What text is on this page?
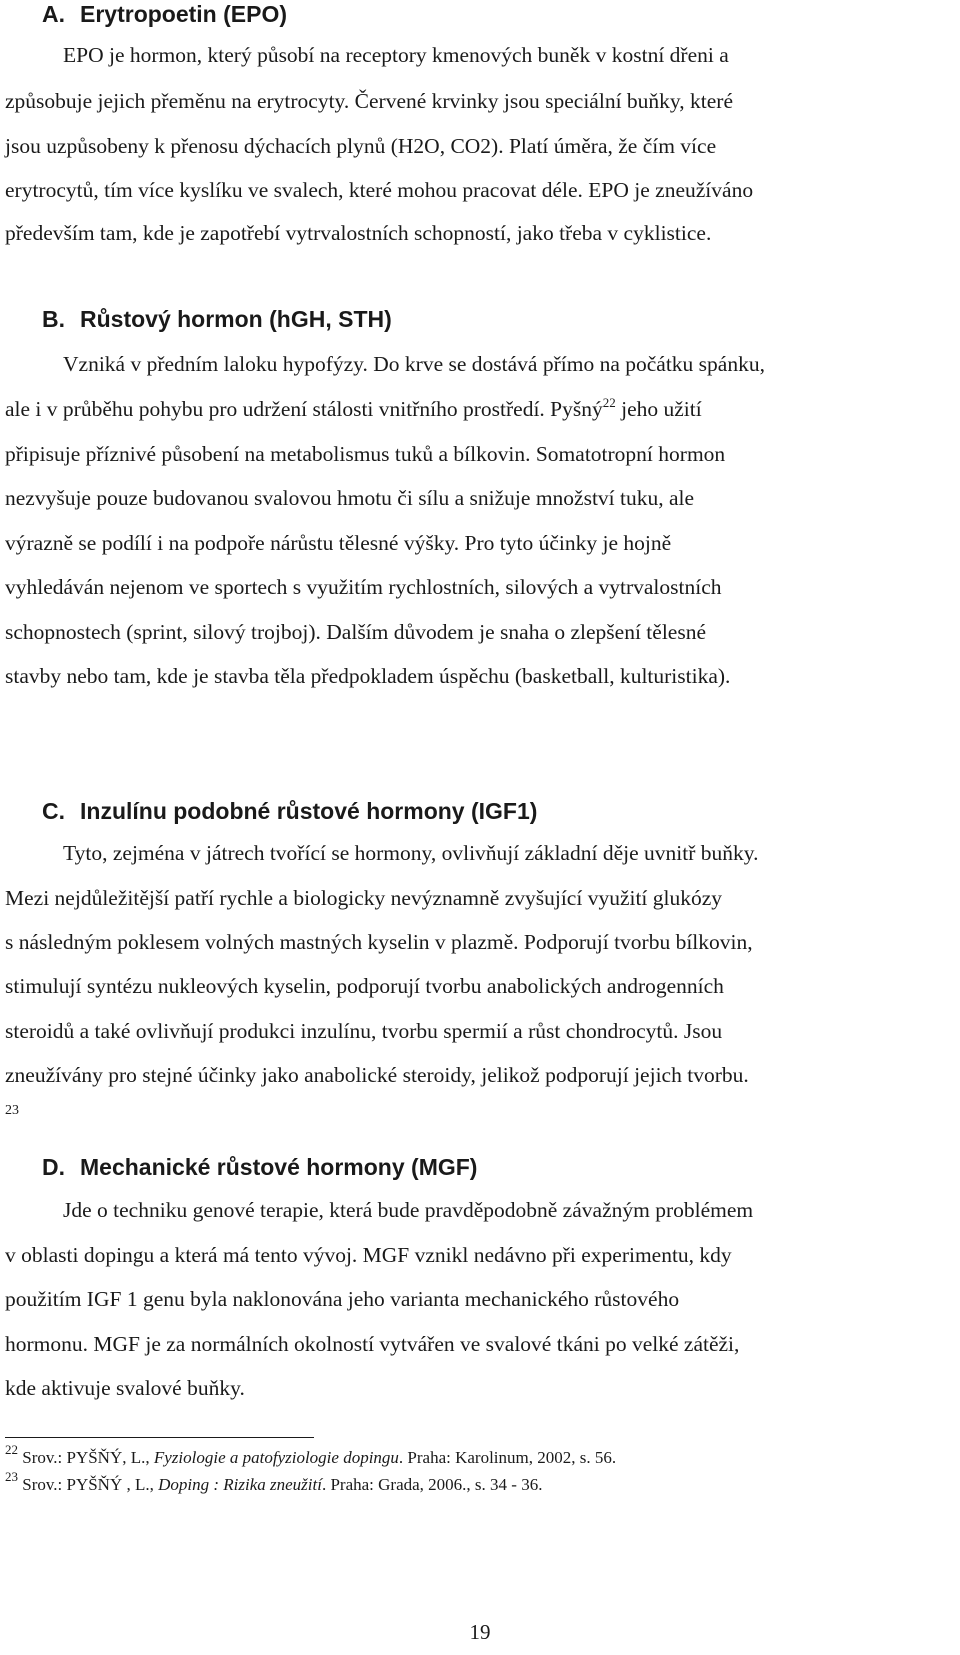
A. Erytropoetin (EPO)

EPO je hormon, který působí na receptory kmenových buněk v kostní dřeni a

způsobuje jejich přeměnu na erytrocyty. Červené krvinky jsou speciální buňky, které

jsou uzpůsobeny k přenosu dýchacích plynů (H2O, CO2). Platí úměra, že čím více

erytrocytů, tím více kyslíku ve svalech, které mohou pracovat déle. EPO je zneužíváno

především tam, kde je zapotřebí vytrvalostních schopností, jako třeba v cyklistice.

B. Růstový hormon (hGH, STH)

Vzniká v předním laloku hypofýzy. Do krve se dostává přímo na počátku spánku,

ale i v průběhu pohybu pro udržení stálosti vnitřního prostředí. Pyšný$^{22}$ jeho užití

připisuje příznivé působení na metabolismus tuků a bílkovin. Somatotropní hormon

nezvyšuje pouze budovanou svalovou hmotu či sílu a snižuje množství tuku, ale

výrazně se podílí i na podpoře nárůstu tělesné výšky. Pro tyto účinky je hojně

vyhledáván nejenom ve sportech s využitím rychlostních, silových a vytrvalostních

schopnostech (sprint, silový trojboj). Dalším důvodem je snaha o zlepšení tělesné

stavby nebo tam, kde je stavba těla předpokladem úspěchu (basketball, kulturistika).

C. Inzulínu podobné růstové hormony (IGF1)

Tyto, zejména v játrech tvořící se hormony, ovlivňují základní děje uvnitř buňky.

Mezi nejdůležitější patří rychle a biologicky nevýznamně zvyšující využití glukózy

s následným poklesem volných mastných kyselin v plazmě. Podporují tvorbu bílkovin,

stimulují syntézu nukleových kyselin, podporují tvorbu anabolických androgenních

steroidů a také ovlivňují produkci inzulínu, tvorbu spermií a růst chondrocytů. Jsou

zneužívány pro stejné účinky jako anabolické steroidy, jelikož podporují jejich tvorbu.

23

D. Mechanické růstové hormony (MGF)

Jde o techniku genové terapie, která bude pravděpodobně závažným problémem

v oblasti dopingu a která má tento vývoj. MGF vznikl nedávno při experimentu, kdy

použitím IGF 1 genu byla naklonována jeho varianta mechanického růstového

hormonu. MGF je za normálních okolností vytvářen ve svalové tkáni po velké zátěži,

kde aktivuje svalové buňky.

$^{22}$ Srov.: PYŠŇÝ, L., Fyziologie a patofyziologie dopingu. Praha: Karolinum, 2002, s. 56.

$^{23}$ Srov.: PYŠŇÝ , L., Doping : Rizika zneužití. Praha: Grada, 2006., s. 34 - 36.

19
